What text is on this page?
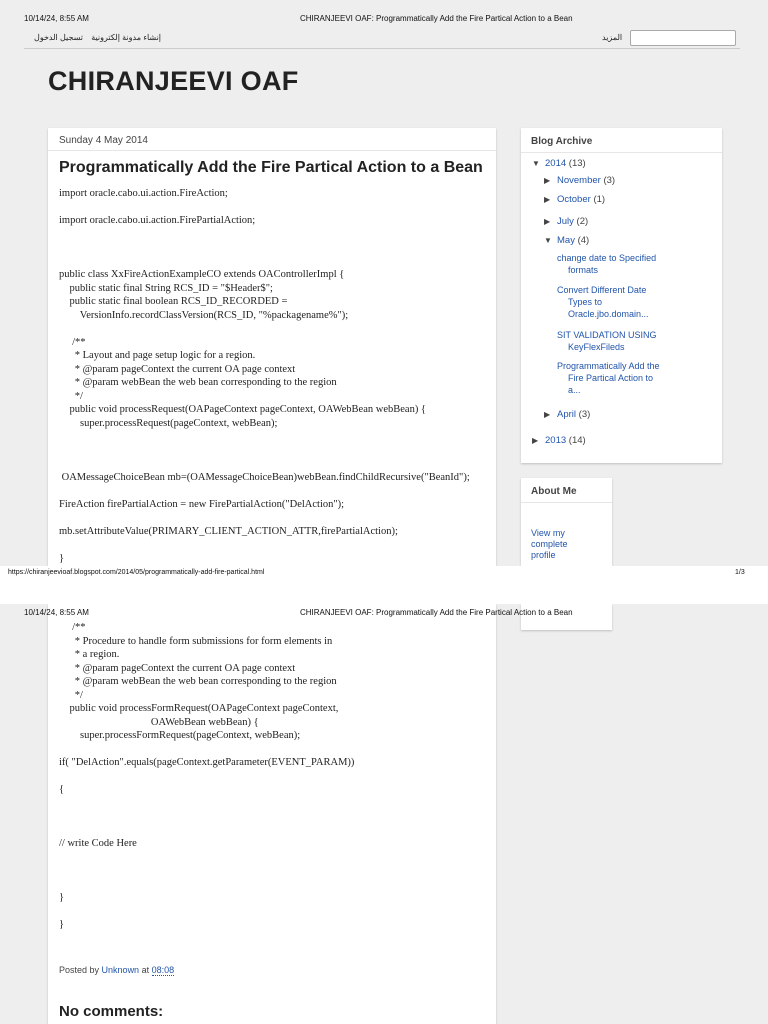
10/14/24, 8:55 AM	CHIRANJEEVI OAF: Programmatically Add the Fire Partical Action to a Bean
إنشاء مدونة إلكترونية تسجيل الدخول	المزيد
CHIRANJEEVI OAF
Sunday 4 May 2014
Programmatically Add the Fire Partical Action to a Bean
import oracle.cabo.ui.action.FireAction;

import oracle.cabo.ui.action.FirePartialAction;

public class XxFireActionExampleCO extends OAControllerImpl {
public static final String RCS_ID = "$Header$";
public static final boolean RCS_ID_RECORDED =
VersionInfo.recordClassVersion(RCS_ID, "%packagename%");

/**
* Layout and page setup logic for a region.
* @param pageContext the current OA page context
* @param webBean the web bean corresponding to the region
*/
public void processRequest(OAPageContext pageContext, OAWebBean webBean) {
super.processRequest(pageContext, webBean);

OAMessageChoiceBean mb=(OAMessageChoiceBean)webBean.findChildRecursive("BeanId");

FireAction firePartialAction = new FirePartialAction("DelAction");

mb.setAttributeValue(PRIMARY_CLIENT_ACTION_ATTR,firePartialAction);

}
Blog Archive
▼ 2014 (13)
▶ November (3)
▶ October (1)
▶ July (2)
▼ May (4)
change date to Specified
formats
Convert Different Date
Types to
Oracle.jbo.domain...
SIT VALIDATION USING
KeyFlexFileds
Programmatically Add the
Fire Partical Action to
a...
▶ April (3)
▶ 2013 (14)
About Me
View my
complete
profile
https://chiranjeevioaf.blogspot.com/2014/05/programmatically-add-fire-partical.html	1/3
/**
* Procedure to handle form submissions for form elements in
* a region.
* @param pageContext the current OA page context
* @param webBean the web bean corresponding to the region
*/
public void processFormRequest(OAPageContext pageContext,
OAWebBean webBean) {
super.processFormRequest(pageContext, webBean);

if( "DelAction".equals(pageContext.getParameter(EVENT_PARAM))

{

// write Code Here

}

}
Posted by Unknown at 08:08
No comments:
10/14/24, 8:55 AM	CHIRANJEEVI OAF: Programmatically Add the Fire Partical Action to a Bean
